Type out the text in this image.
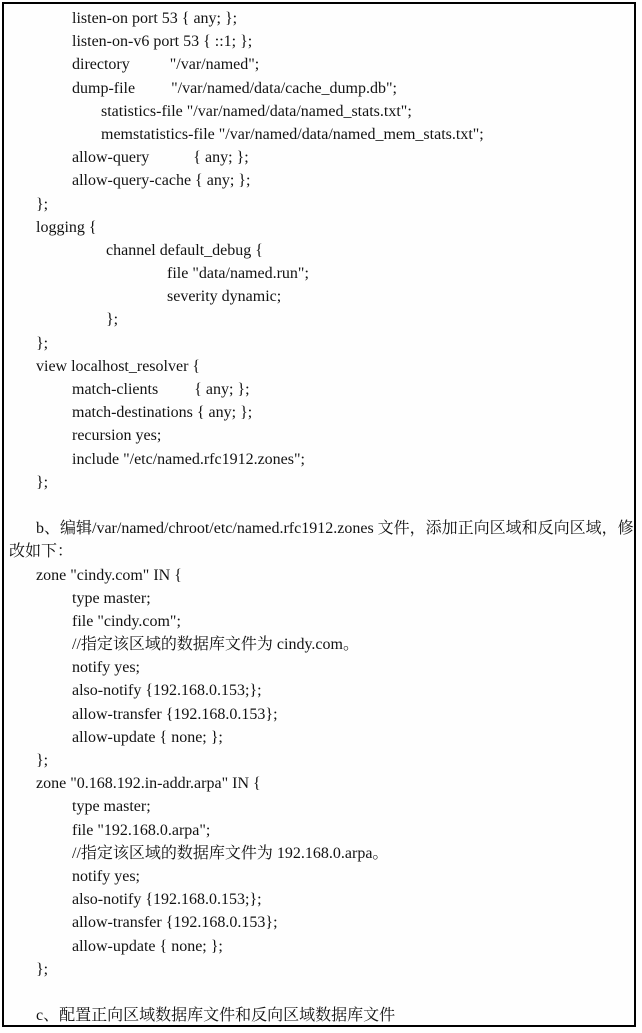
listen-on port 53 { any; };
listen-on-v6 port 53 { ::1; };
directory          "/var/named";
dump-file         "/var/named/data/cache_dump.db";
statistics-file "/var/named/data/named_stats.txt";
memstatistics-file "/var/named/data/named_mem_stats.txt";
allow-query           { any; };
allow-query-cache { any; };
};
logging {
channel default_debug {
file "data/named.run";
severity dynamic;
};
};
view localhost_resolver {
match-clients         { any; };
match-destinations { any; };
recursion yes;
include "/etc/named.rfc1912.zones";
};

b、编辑/var/named/chroot/etc/named.rfc1912.zones 文件，添加正向区域和反向区域，修
改如下：
zone "cindy.com" IN {
type master;
file "cindy.com";
//指定该区域的数据库文件为 cindy.com。
notify yes;
also-notify {192.168.0.153;};
allow-transfer {192.168.0.153};
allow-update { none; };
};
zone "0.168.192.in-addr.arpa" IN {
type master;
file "192.168.0.arpa";
//指定该区域的数据库文件为 192.168.0.arpa。
notify yes;
also-notify {192.168.0.153;};
allow-transfer {192.168.0.153};
allow-update { none; };
};

c、配置正向区域数据库文件和反向区域数据库文件
